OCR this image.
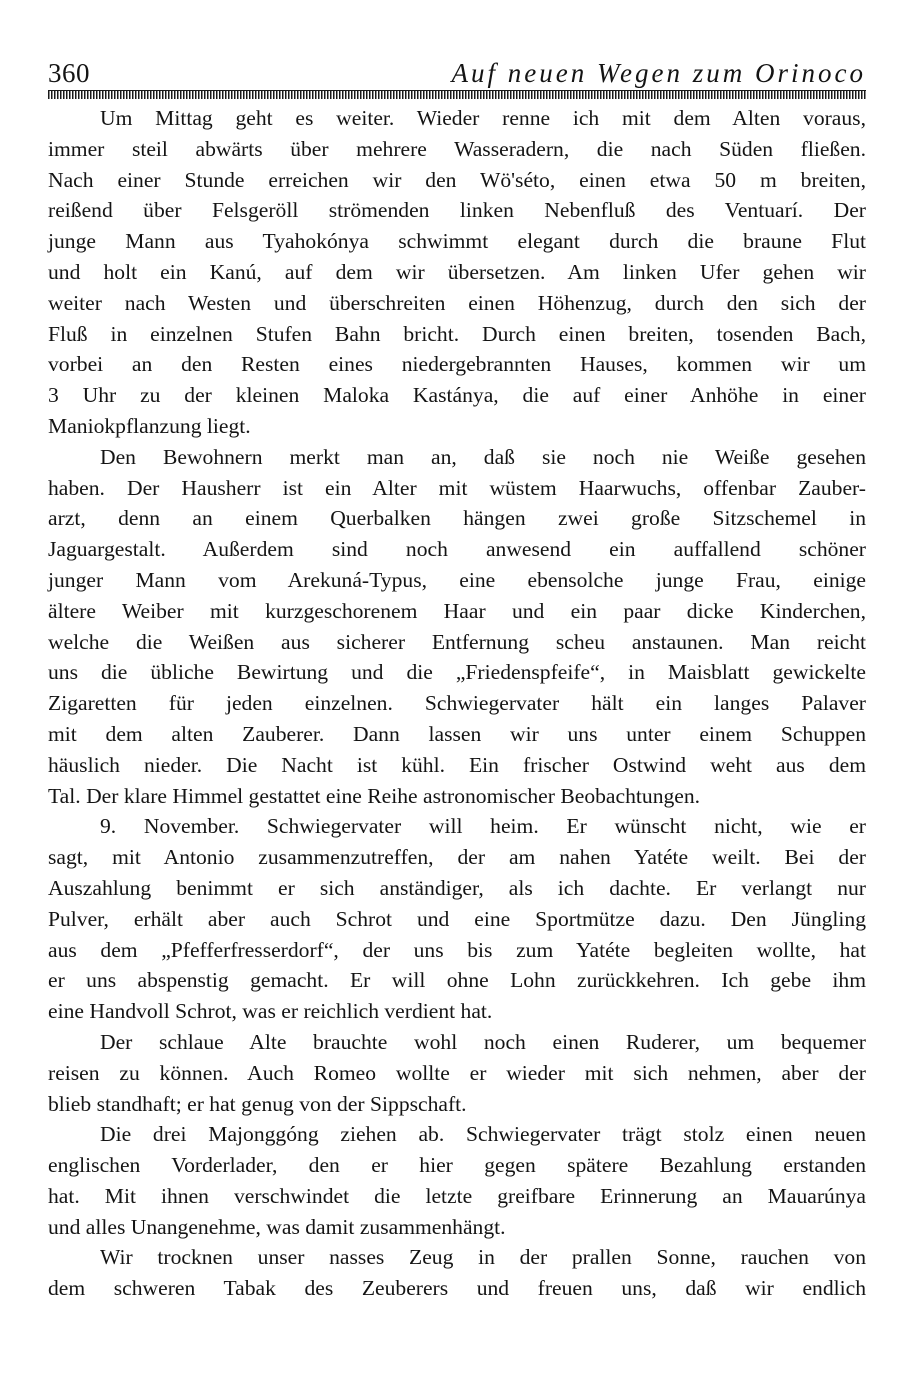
360	Auf neuen Wegen zum Orinoco
Um Mittag geht es weiter. Wieder renne ich mit dem Alten voraus,
immer steil abwärts über mehrere Wasseradern, die nach Süden fließen.
Nach einer Stunde erreichen wir den Wö'séto, einen etwa 50 m breiten,
reißend über Felsgeröll strömenden linken Nebenfluß des Ventuarí. Der
junge Mann aus Tyahokónya schwimmt elegant durch die braune Flut
und holt ein Kanú, auf dem wir übersetzen. Am linken Ufer gehen wir
weiter nach Westen und überschreiten einen Höhenzug, durch den sich der
Fluß in einzelnen Stufen Bahn bricht. Durch einen breiten, tosenden Bach,
vorbei an den Resten eines niedergebrannten Hauses, kommen wir um
3 Uhr zu der kleinen Maloka Kastánya, die auf einer Anhöhe in einer
Maniokpflanzung liegt.
Den Bewohnern merkt man an, daß sie noch nie Weiße gesehen
haben. Der Hausherr ist ein Alter mit wüstem Haarwuchs, offenbar Zauber-
arzt, denn an einem Querbalken hängen zwei große Sitzschemel in
Jaguargestalt. Außerdem sind noch anwesend ein auffallend schöner
junger Mann vom Arekuná-Typus, eine ebensolche junge Frau, einige
ältere Weiber mit kurzgeschorenem Haar und ein paar dicke Kinderchen,
welche die Weißen aus sicherer Entfernung scheu anstaunen. Man reicht
uns die übliche Bewirtung und die „Friedenspfeife“, in Maisblatt gewickelte
Zigaretten für jeden einzelnen. Schwiegervater hält ein langes Palaver
mit dem alten Zauberer. Dann lassen wir uns unter einem Schuppen
häuslich nieder. Die Nacht ist kühl. Ein frischer Ostwind weht aus dem
Tal. Der klare Himmel gestattet eine Reihe astronomischer Beobachtungen.
9. November. Schwiegervater will heim. Er wünscht nicht, wie er
sagt, mit Antonio zusammenzutreffen, der am nahen Yatéte weilt. Bei der
Auszahlung benimmt er sich anständiger, als ich dachte. Er verlangt nur
Pulver, erhält aber auch Schrot und eine Sportmütze dazu. Den Jüngling
aus dem „Pfefferfresserdorf“, der uns bis zum Yatéte begleiten wollte, hat
er uns abspenstig gemacht. Er will ohne Lohn zurückkehren. Ich gebe ihm
eine Handvoll Schrot, was er reichlich verdient hat.
Der schlaue Alte brauchte wohl noch einen Ruderer, um bequemer
reisen zu können. Auch Romeo wollte er wieder mit sich nehmen, aber der
blieb standhaft; er hat genug von der Sippschaft.
Die drei Majonggóng ziehen ab. Schwiegervater trägt stolz einen neuen
englischen Vorderlader, den er hier gegen spätere Bezahlung erstanden
hat. Mit ihnen verschwindet die letzte greifbare Erinnerung an Mauarúnya
und alles Unangenehme, was damit zusammenhängt.
Wir trocknen unser nasses Zeug in der prallen Sonne, rauchen von
dem schweren Tabak des Zeuberers und freuen uns, daß wir endlich
